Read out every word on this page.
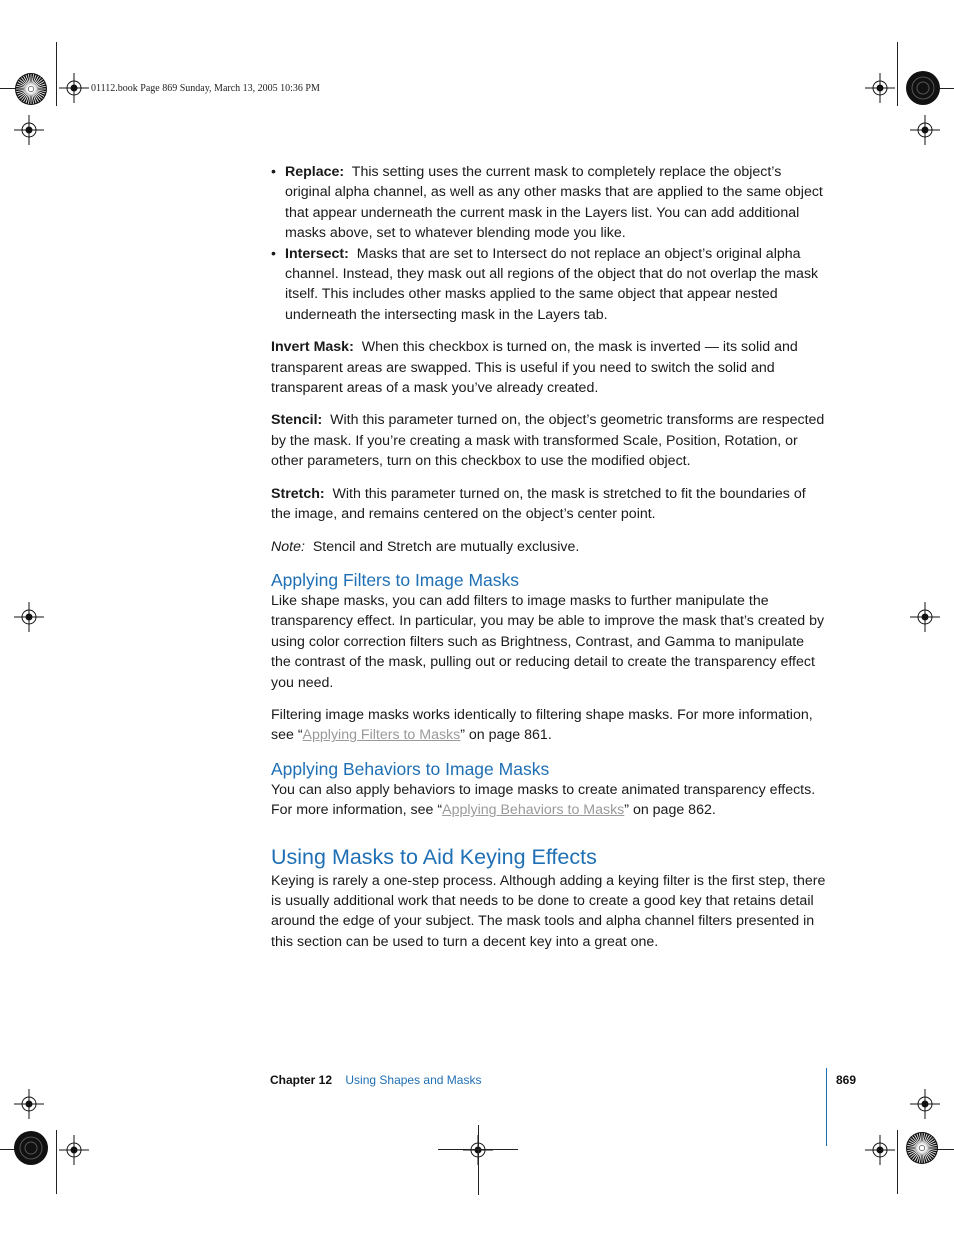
01112.book Page 869 Sunday, March 13, 2005 10:36 PM
• Replace: This setting uses the current mask to completely replace the object’s original alpha channel, as well as any other masks that are applied to the same object that appear underneath the current mask in the Layers list. You can add additional masks above, set to whatever blending mode you like.
• Intersect: Masks that are set to Intersect do not replace an object’s original alpha channel. Instead, they mask out all regions of the object that do not overlap the mask itself. This includes other masks applied to the same object that appear nested underneath the intersecting mask in the Layers tab.

Invert Mask: When this checkbox is turned on, the mask is inverted — its solid and transparent areas are swapped. This is useful if you need to switch the solid and transparent areas of a mask you’ve already created.

Stencil: With this parameter turned on, the object’s geometric transforms are respected by the mask. If you’re creating a mask with transformed Scale, Position, Rotation, or other parameters, turn on this checkbox to use the modified object.

Stretch: With this parameter turned on, the mask is stretched to fit the boundaries of the image, and remains centered on the object’s center point.

Note: Stencil and Stretch are mutually exclusive.

Applying Filters to Image Masks

Like shape masks, you can add filters to image masks to further manipulate the transparency effect. In particular, you may be able to improve the mask that’s created by using color correction filters such as Brightness, Contrast, and Gamma to manipulate the contrast of the mask, pulling out or reducing detail to create the transparency effect you need.

Filtering image masks works identically to filtering shape masks. For more information, see “Applying Filters to Masks” on page 861.

Applying Behaviors to Image Masks

You can also apply behaviors to image masks to create animated transparency effects. For more information, see “Applying Behaviors to Masks” on page 862.

Using Masks to Aid Keying Effects

Keying is rarely a one-step process. Although adding a keying filter is the first step, there is usually additional work that needs to be done to create a good key that retains detail around the edge of your subject. The mask tools and alpha channel filters presented in this section can be used to turn a decent key into a great one.

Chapter 12 Using Shapes and Masks	869
